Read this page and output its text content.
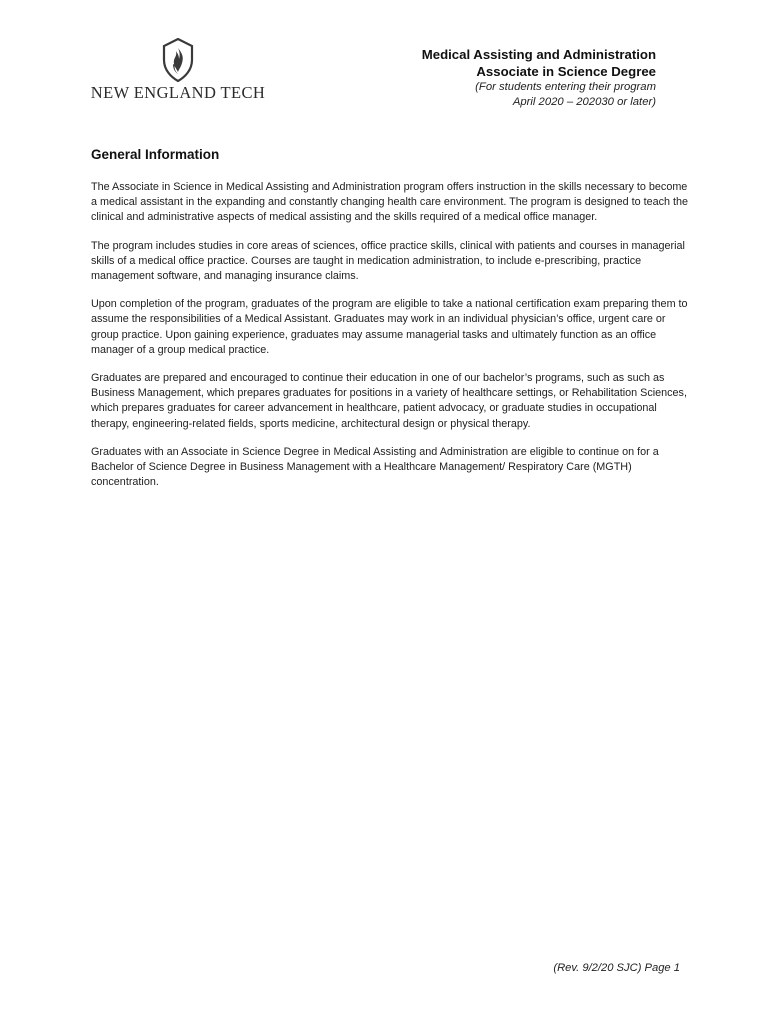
NEW ENGLAND TECH
Medical Assisting and Administration
Associate in Science Degree
(For students entering their program
April 2020 – 202030 or later)
General Information

The Associate in Science in Medical Assisting and Administration program offers instruction in the skills necessary to become a medical assistant in the expanding and constantly changing health care environment. The program is designed to teach the clinical and administrative aspects of medical assisting and the skills required of a medical office manager.

The program includes studies in core areas of sciences, office practice skills, clinical with patients and courses in managerial skills of a medical office practice. Courses are taught in medication administration, to include e-prescribing, practice management software, and managing insurance claims.

Upon completion of the program, graduates of the program are eligible to take a national certification exam preparing them to assume the responsibilities of a Medical Assistant. Graduates may work in an individual physician’s office, urgent care or group practice. Upon gaining experience, graduates may assume managerial tasks and ultimately function as an office manager of a group medical practice.

Graduates are prepared and encouraged to continue their education in one of our bachelor’s programs, such as such as Business Management, which prepares graduates for positions in a variety of healthcare settings, or Rehabilitation Sciences, which prepares graduates for career advancement in healthcare, patient advocacy, or graduate studies in occupational therapy, engineering-related fields, sports medicine, architectural design or physical therapy.

Graduates with an Associate in Science Degree in Medical Assisting and Administration are eligible to continue on for a Bachelor of Science Degree in Business Management with a Healthcare Management/ Respiratory Care (MGTH) concentration.

(Rev. 9/2/20 SJC) Page 1
